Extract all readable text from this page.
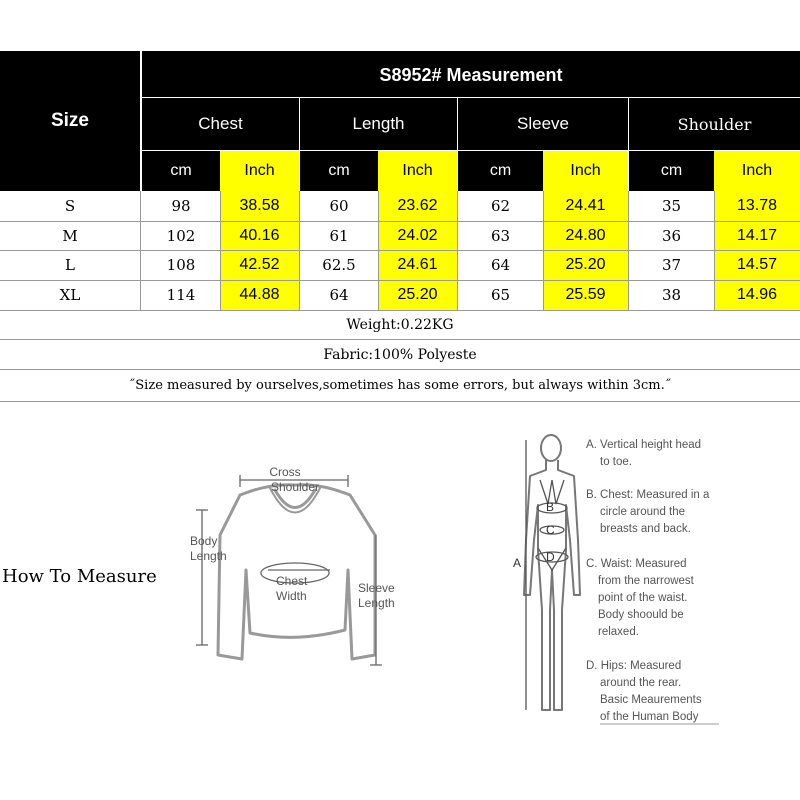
Size
S8952# Measurement
Chest	Length	Sleeve	Shoulder
cm	Inch	cm	Inch	cm	Inch	cm	Inch
S	98	38.58	60	23.62	62	24.41	35	13.78
M	102	40.16	61	24.02	63	24.80	36	14.17
L	108	42.52	62.5	24.61	64	25.20	37	14.57
XL	114	44.88	64	25.20	65	25.59	38	14.96
Weight:0.22KG
Fabric:100% Polyeste
˝Size measured by ourselves,sometimes has some errors, but always within 3cm.˝
How To Measure
Cross
Shoulder
Body
Length
Chest
Width
Sleeve
Length
B
C
D
A
A. Vertical height head
to toe.
B. Chest: Measured in a
circle around the
breasts and back.
C. Waist: Measured
from the narrowest
point of the waist.
Body shoould be
relaxed.
D. Hips: Measured
around the rear.
Basic Meaurements
of the Human Body
